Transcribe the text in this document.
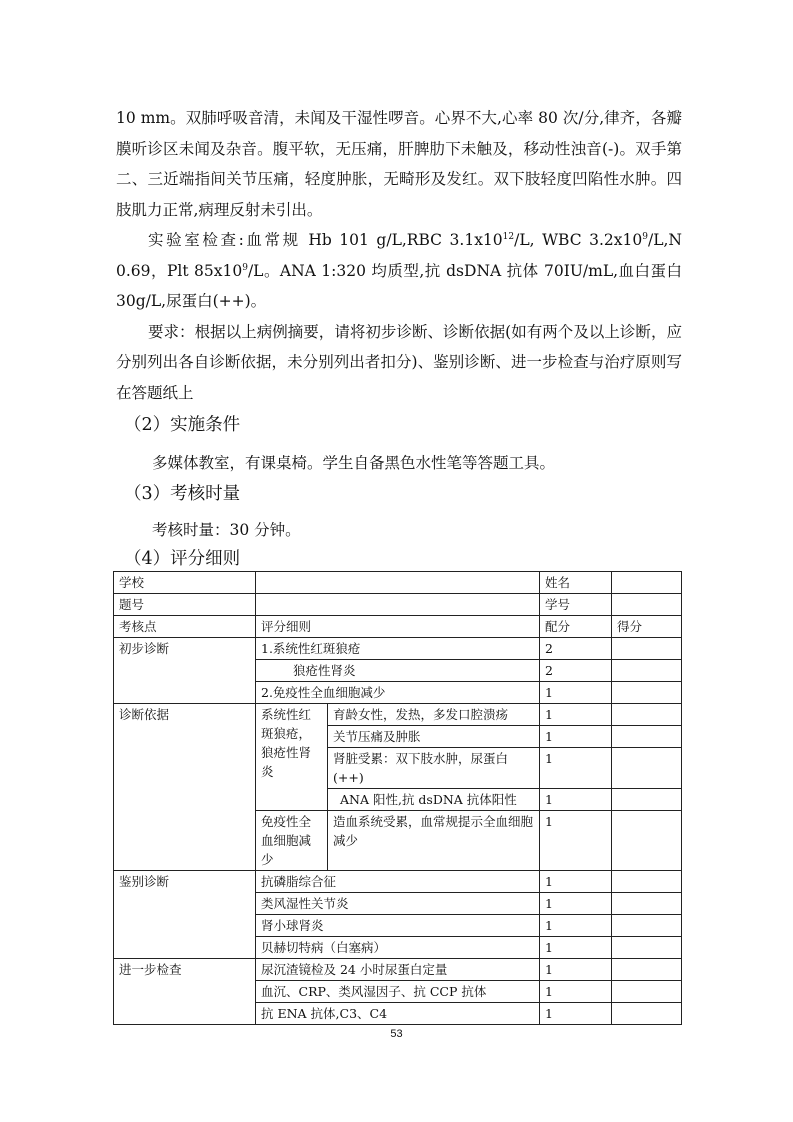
10 mm。双肺呼吸音清，未闻及干湿性啰音。心界不大,心率 80 次/分,律齐，各瓣膜听诊区未闻及杂音。腹平软，无压痛，肝脾肋下未触及，移动性浊音(-)。双手第二、三近端指间关节压痛，轻度肿胀，无畸形及发红。双下肢轻度凹陷性水肿。四肢肌力正常,病理反射未引出。

实验室检查:血常规 Hb 101 g/L,RBC $3.1x10^{12}/L$, WBC $3.2x10^9/L,N$ 0.69，Plt $85x10^9/L$。ANA 1:320 均质型,抗 dsDNA 抗体 70IU/mL,血白蛋白 30g/L,尿蛋白(++)。

要求：根据以上病例摘要，请将初步诊断、诊断依据(如有两个及以上诊断，应分别列出各自诊断依据，未分别列出者扣分)、鉴别诊断、进一步检查与治疗原则写在答题纸上

（2）实施条件
多媒体教室，有课桌椅。学生自备黑色水性笔等答题工具。
（3）考核时量
考核时量：30 分钟。
（4）评分细则
学校			姓名	
题号			学号	
考核点	评分细则		配分	得分
初步诊断	1.系统性红斑狼疮		2	
	狼疮性肾炎		2	
	2.免疫性全血细胞减少		1	
诊断依据	系统性红斑狼疮，狼疮性肾炎	育龄女性，发热，多发口腔溃疡	1	
		关节压痛及肿胀	1	
		肾脏受累：双下肢水肿，尿蛋白(++)	1	
		ANA 阳性,抗 dsDNA 抗体阳性	1	
	免疫性全血细胞减少	造血系统受累，血常规提示全血细胞减少	1	
鉴别诊断	抗磷脂综合征		1	
	类风湿性关节炎		1	
	肾小球肾炎		1	
	贝赫切特病（白塞病）		1	
进一步检查	尿沉渣镜检及 24 小时尿蛋白定量		1	
	血沉、CRP、类风湿因子、抗 CCP 抗体		1	
	抗 ENA 抗体,C3、C4		1	
53
